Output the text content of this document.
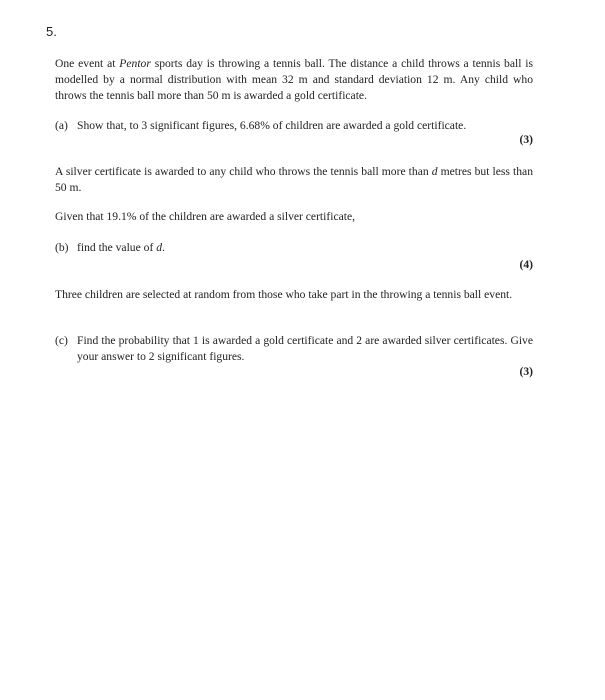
5.
One event at Pentor sports day is throwing a tennis ball. The distance a child throws a tennis ball is modelled by a normal distribution with mean 32 m and standard deviation 12 m. Any child who throws the tennis ball more than 50 m is awarded a gold certificate.
(a) Show that, to 3 significant figures, 6.68% of children are awarded a gold certificate.
(3)
A silver certificate is awarded to any child who throws the tennis ball more than d metres but less than 50 m.
Given that 19.1% of the children are awarded a silver certificate,
(b) find the value of d.
(4)
Three children are selected at random from those who take part in the throwing a tennis ball event.
(c) Find the probability that 1 is awarded a gold certificate and 2 are awarded silver certificates. Give your answer to 2 significant figures.
(3)
